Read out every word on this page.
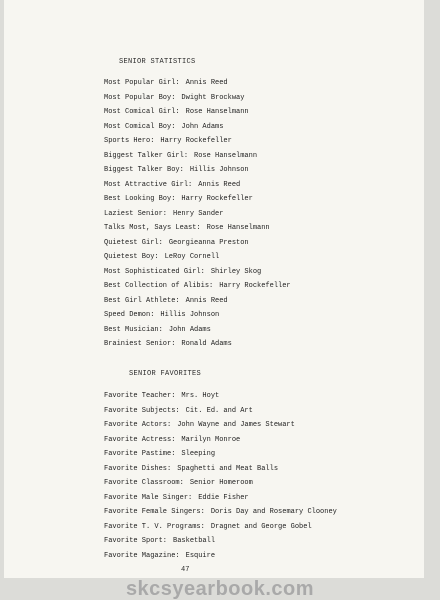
SENIOR STATISTICS
Most Popular Girl: Annis Reed
Most Popular Boy: Dwight Brockway
Most Comical Girl: Rose Hanselmann
Most Comical Boy: John Adams
Sports Hero: Harry Rockefeller
Biggest Talker Girl: Rose Hanselmann
Biggest Talker Boy: Hillis Johnson
Most Attractive Girl: Annis Reed
Best Looking Boy: Harry Rockefeller
Laziest Senior: Henry Sander
Talks Most, Says Least: Rose Hanselmann
Quietest Girl: Georgieanna Preston
Quietest Boy: LeRoy Cornell
Most Sophisticated Girl: Shirley Skog
Best Collection of Alibis: Harry Rockefeller
Best Girl Athlete: Annis Reed
Speed Demon: Hillis Johnson
Best Musician: John Adams
Brainiest Senior: Ronald Adams
SENIOR FAVORITES
Favorite Teacher: Mrs. Hoyt
Favorite Subjects: Cit. Ed. and Art
Favorite Actors: John Wayne and James Stewart
Favorite Actress: Marilyn Monroe
Favorite Pastime: Sleeping
Favorite Dishes: Spaghetti and Meat Balls
Favorite Classroom: Senior Homeroom
Favorite Male Singer: Eddie Fisher
Favorite Female Singers: Doris Day and Rosemary Clooney
Favorite T. V. Programs: Dragnet and George Gobel
Favorite Sport: Basketball
Favorite Magazine: Esquire
47
skcsyearbook.com
